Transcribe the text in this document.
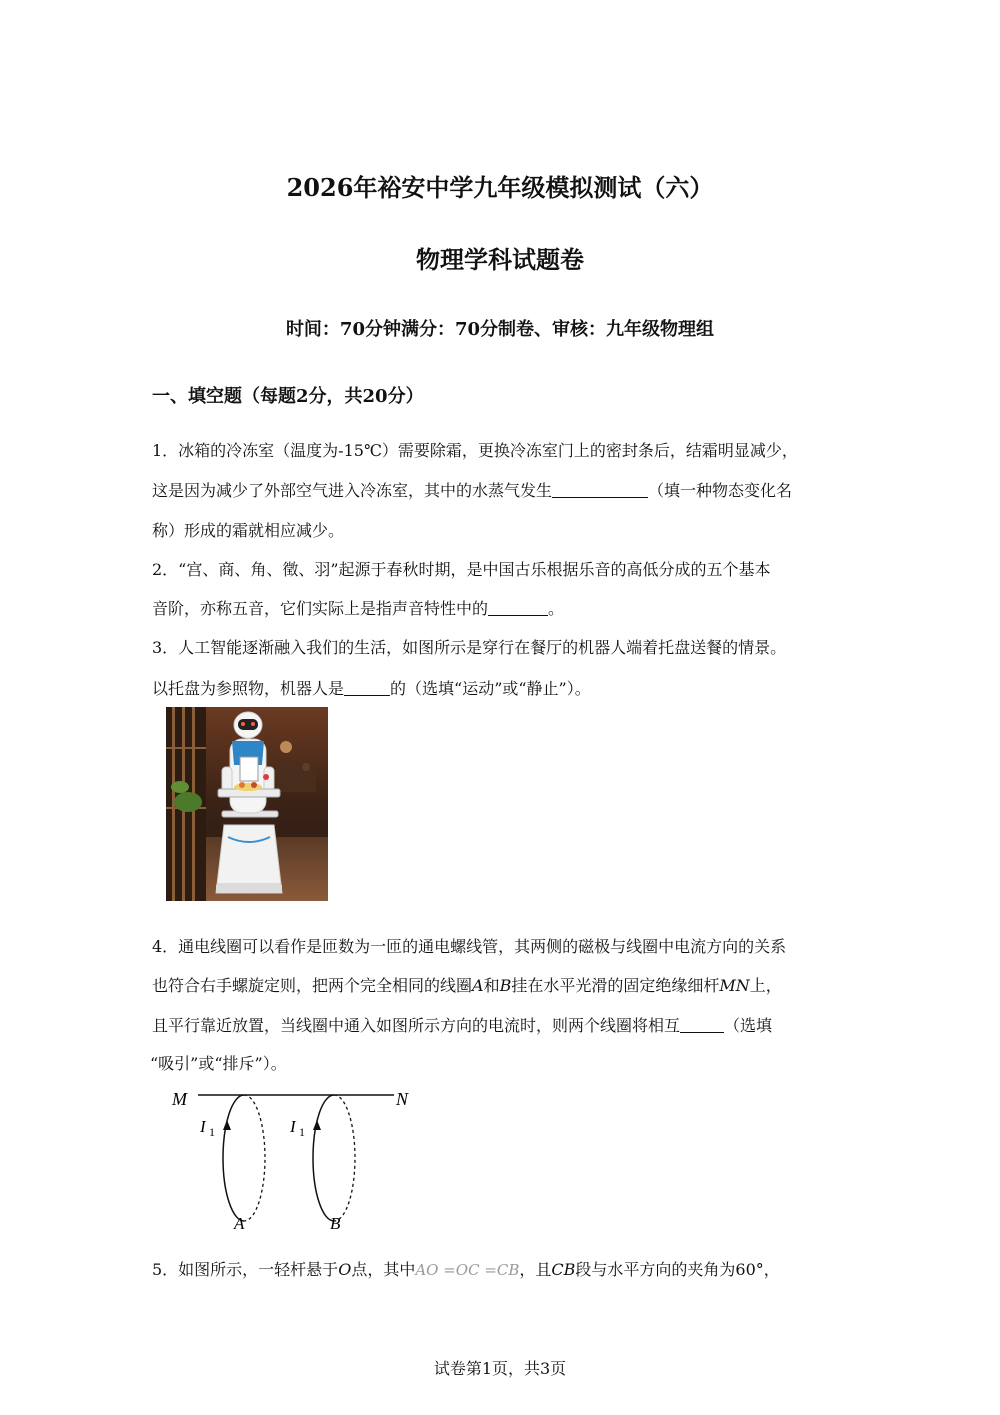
2026年裕安中学九年级模拟测试（六）
物理学科试题卷
时间：70分钟满分：70分制卷、审核：九年级物理组
一、填空题（每题2分，共20分）
1．冰箱的冷冻室（温度为-15℃）需要除霜，更换冷冻室门上的密封条后，结霜明显减少，
这是因为减少了外部空气进入冷冻室，其中的水蒸气发生	（填一种物态变化名
称）形成的霜就相应减少。
2．“宫、商、角、徵、羽”起源于春秋时期，是中国古乐根据乐音的高低分成的五个基本
音阶，亦称五音，它们实际上是指声音特性中的	。
3．人工智能逐渐融入我们的生活，如图所示是穿行在餐厅的机器人端着托盘送餐的情景。
以托盘为参照物，机器人是	的（选填“运动”或“静止”）。
4．通电线圈可以看作是匝数为一匝的通电螺线管，其两侧的磁极与线圈中电流方向的关系
也符合右手螺旋定则，把两个完全相同的线圈A和B挂在水平光滑的固定绝缘细杆MN上，
且平行靠近放置，当线圈中通入如图所示方向的电流时，则两个线圈将相互	（选填
“吸引”或“排斥”）。
M	N
I 1
A
I 1
B
5．如图所示，一轻杆悬于O点，其中AO =OC =CB，且CB段与水平方向的夹角为60°，
试卷第1页，共3页
